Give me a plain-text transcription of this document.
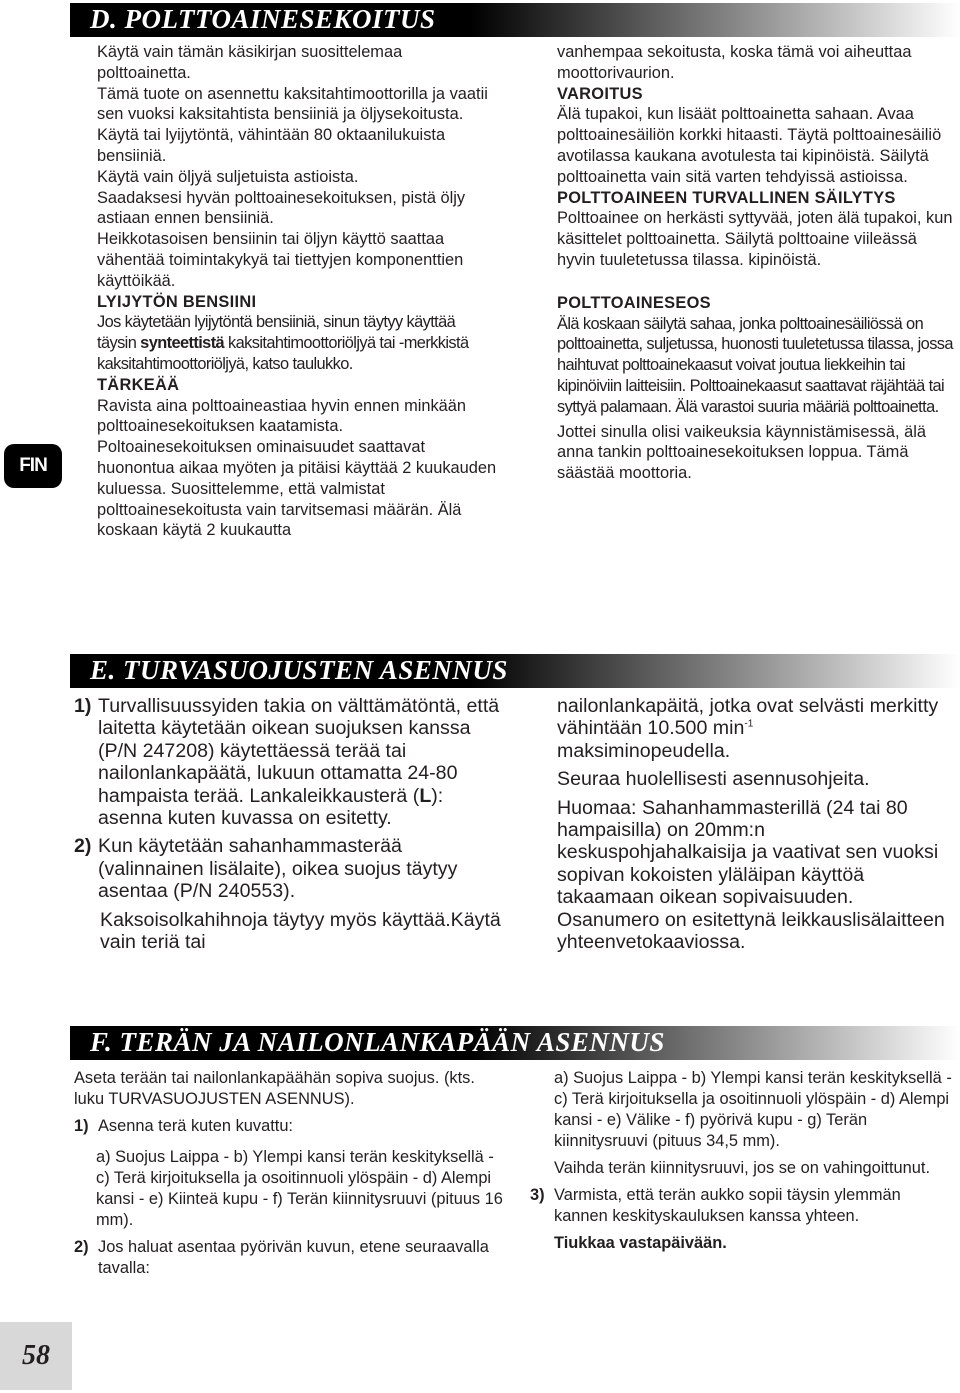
D. POLTTOAINESEKOITUS

Käytä vain tämän käsikirjan suosittelemaa polttoainetta.

Tämä tuote on asennettu kaksitahtimoottorilla ja vaatii sen vuoksi kaksitahtista bensiiniä ja öljysekoitusta. Käytä tai lyijytöntä, vähintään 80 oktaanilukuista bensiiniä.

Käytä vain öljyä suljetuista astioista.

Saadaksesi hyvän polttoainesekoituksen, pistä öljy astiaan ennen bensiiniä.

Heikkotasoisen bensiinin tai öljyn käyttö saattaa vähentää toimintakykyä tai tiettyjen komponenttien käyttöikää.

LYIJYTÖN BENSIINI

Jos käytetään lyijytöntä bensiiniä, sinun täytyy käyttää täysin synteettistä kaksitahtimoottoriöljyä tai -merkkistä kaksitahtimoottoriöljyä, katso taulukko.

TÄRKEÄÄ

Ravista aina polttoaineastiaa hyvin ennen minkään polttoainesekoituksen kaatamista.

Poltoainesekoituksen ominaisuudet saattavat huonontua aikaa myöten ja pitäisi käyttää 2 kuukauden kuluessa. Suosittelemme, että valmistat polttoainesekoitusta vain tarvitsemasi määrän. Älä koskaan käytä 2 kuukautta

vanhempaa sekoitusta, koska tämä voi aiheuttaa moottorivaurion.

VAROITUS

Älä tupakoi, kun lisäät polttoainetta sahaan. Avaa polttoainesäiliön korkki hitaasti. Täytä polttoainesäiliö avotilassa kaukana avotulesta tai kipinöistä. Säilytä polttoainetta vain sitä varten tehdyissä astioissa.

POLTTOAINEEN TURVALLINEN SÄILYTYS

Polttoainee on herkästi syttyvää, joten älä tupakoi, kun käsittelet polttoainetta. Säilytä polttoaine viileässä hyvin tuuletetussa tilassa. kipinöistä.

POLTTOAINESEOS

Älä koskaan säilytä sahaa, jonka polttoainesäiliössä on polttoainetta, suljetussa, huonosti tuuletetussa tilassa, jossa haihtuvat polttoainekaasut voivat joutua liekkeihin tai kipinöiviin laitteisiin. Polttoainekaasut saattavat räjähtää tai syttyä palamaan. Älä varastoi suuria määriä polttoainetta.

Jottei sinulla olisi vaikeuksia käynnistämisessä, älä anna tankin polttoainesekoituksen loppua. Tämä säästää moottoria.

FIN
E. TURVASUOJUSTEN ASENNUS
1) Turvallisuussyiden takia on välttämätöntä, että laitetta käytetään oikean suojuksen kanssa (P/N 247208) käytettäessä terää tai nailonlankapäätä, lukuun ottamatta 24-80 hampaista terää. Lankaleikkausterä (L): asenna kuten kuvassa on esitetty.
2) Kun käytetään sahanhammasterää (valinnainen lisälaite), oikea suojus täytyy asentaa (P/N 240553).

Kaksoisolkahihnoja täytyy myös käyttää.Käytä vain teriä tai

nailonlankapäitä, jotka ovat selvästi merkitty vähintään 10.500 $\min^{-1}$
maksiminopeudella.

Seuraa huolellisesti asennusohjeita.

Huomaa: Sahanhammasterillä (24 tai 80 hampaisilla) on 20mm:n keskuspohjahalkaisija ja vaativat sen vuoksi sopivan kokoisten yläläipan käyttöä takaamaan oikean sopivaisuuden. Osanumero on esitettynä leikkauslisälaitteen yhteenvetokaaviossa.

F. TERÄN JA NAILONLANKAPÄÄN ASENNUS

Aseta terään tai nailonlankapäähän sopiva suojus. (kts. luku TURVASUOJUSTEN ASENNUS).

1) Asenna terä kuten kuvattu:

a) Suojus Laippa - b) Ylempi kansi terän keskityksellä - c) Terä kirjoituksella ja osoitinnuoli ylöspäin - d) Alempi kansi - e) Kiinteä kupu - f) Terän kiinnitysruuvi (pituus 16 mm).

2) Jos haluat asentaa pyörivän kuvun, etene seuraavalla tavalla:

a) Suojus Laippa - b) Ylempi kansi terän keskityksellä - c) Terä kirjoituksella ja osoitinnuoli ylöspäin - d) Alempi kansi - e) Välike - f) pyörivä kupu - g) Terän kiinnitysruuvi (pituus 34,5 mm).

Vaihda terän kiinnitysruuvi, jos se on vahingoittunut.

3) Varmista, että terän aukko sopii täysin ylemmän kannen keskityskauluksen kanssa yhteen.

Tiukkaa vastapäivään.

58
